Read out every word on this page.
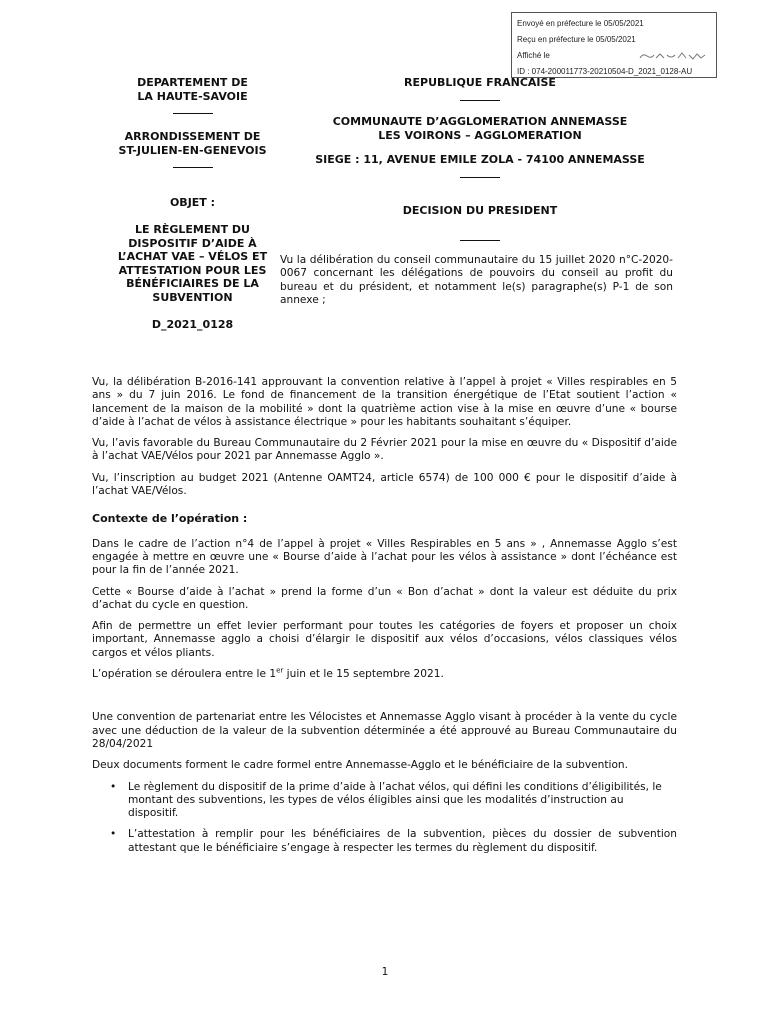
Envoyé en préfecture le 05/05/2021
Reçu en préfecture le 05/05/2021
Affiché le
ID : 074-200011773-20210504-D_2021_0128-AU
DEPARTEMENT DE
LA HAUTE-SAVOIE
ARRONDISSEMENT DE
ST-JULIEN-EN-GENEVOIS
OBJET :
LE RÈGLEMENT DU
DISPOSITIF D’AIDE À
L’ACHAT VAE – VÉLOS ET
ATTESTATION POUR LES
BÉNÉFICIAIRES DE LA
SUBVENTION
D_2021_0128
REPUBLIQUE FRANCAISE
COMMUNAUTE D’AGGLOMERATION ANNEMASSE
LES VOIRONS – AGGLOMERATION
SIEGE : 11, AVENUE EMILE ZOLA - 74100 ANNEMASSE
DECISION DU PRESIDENT
Vu la délibération du conseil communautaire du 15 juillet 2020 n°C-2020-0067 concernant les délégations de pouvoirs du conseil au profit du bureau et du président, et notamment le(s) paragraphe(s) P-1 de son annexe ;

Vu, la délibération B-2016-141 approuvant la convention relative à l’appel à projet « Villes respirables en 5 ans » du 7 juin 2016. Le fond de financement de la transition énergétique de l’Etat soutient l’action « lancement de la maison de la mobilité » dont la quatrième action vise à la mise en œuvre d’une « bourse d’aide à l’achat de vélos à assistance électrique » pour les habitants souhaitant s’équiper.

Vu, l’avis favorable du Bureau Communautaire du 2 Février 2021 pour la mise en œuvre du « Dispositif d’aide à l’achat VAE/Vélos pour 2021 par Annemasse Agglo ».

Vu, l’inscription au budget 2021 (Antenne OAMT24, article 6574) de 100 000 € pour le dispositif d’aide à l’achat VAE/Vélos.

Contexte de l’opération :

Dans le cadre de l’action n°4 de l’appel à projet « Villes Respirables en 5 ans » , Annemasse Agglo s’est engagée à mettre en œuvre une « Bourse d’aide à l’achat pour les vélos à assistance » dont l’échéance est pour la fin de l’année 2021.

Cette « Bourse d’aide à l’achat » prend la forme d’un « Bon d’achat » dont la valeur est déduite du prix d’achat du cycle en question.

Afin de permettre un effet levier performant pour toutes les catégories de foyers et proposer un choix important, Annemasse agglo a choisi d’élargir le dispositif aux vélos d’occasions, vélos classiques vélos cargos et vélos pliants.

L’opération se déroulera entre le 1er juin et le 15 septembre 2021.

Une convention de partenariat entre les Vélocistes et Annemasse Agglo visant à procéder à la vente du cycle avec une déduction de la valeur de la subvention déterminée a été approuvé au Bureau Communautaire du 28/04/2021

Deux documents forment le cadre formel entre Annemasse-Agglo et le bénéficiaire de la subvention.

•	Le règlement du dispositif de la prime d’aide à l’achat vélos, qui défini les conditions d’éligibilités, le montant des subventions, les types de vélos éligibles ainsi que les modalités d’instruction au dispositif.
•	L’attestation à remplir pour les bénéficiaires de la subvention, pièces du dossier de subvention attestant que le bénéficiaire s’engage à respecter les termes du règlement du dispositif.
1
